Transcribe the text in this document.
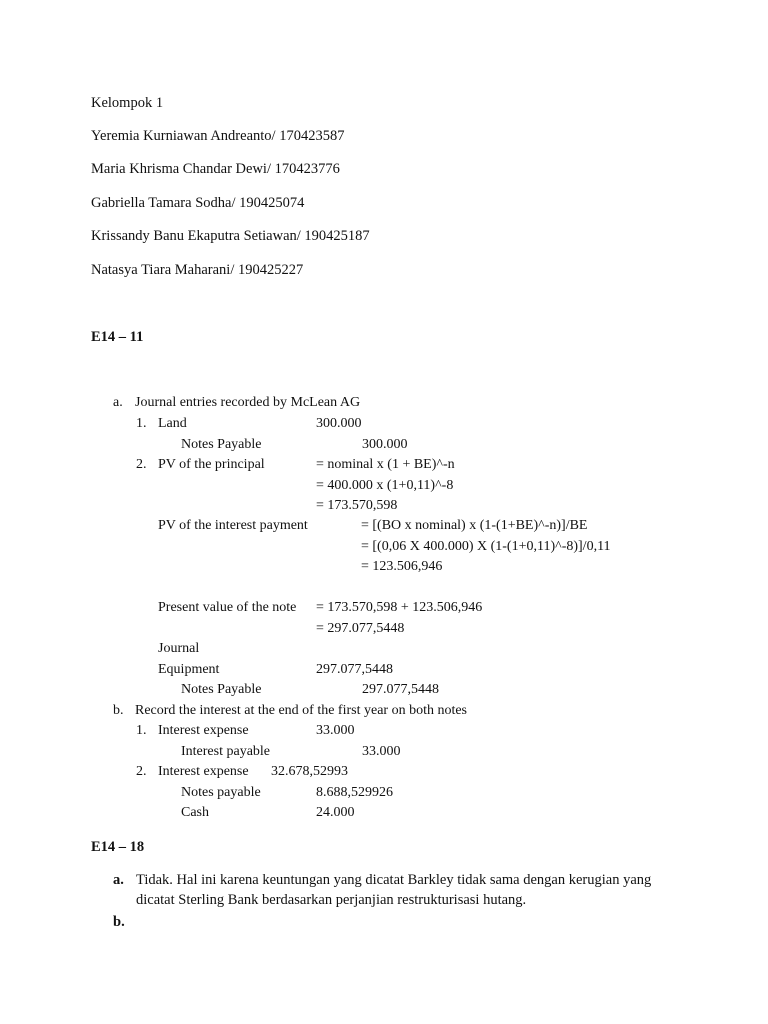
Kelompok 1
Yeremia Kurniawan Andreanto/ 170423587
Maria Khrisma Chandar Dewi/ 170423776
Gabriella Tamara Sodha/ 190425074
Krissandy Banu Ekaputra Setiawan/ 190425187
Natasya Tiara Maharani/ 190425227
E14 – 11
a. Journal entries recorded by McLean AG
1. Land	300.000
Notes Payable	300.000
2. PV of the principal	= nominal x (1 + BE)^-n
= 400.000 x (1+0,11)^-8
= 173.570,598
PV of the interest payment	= [(BO x nominal) x (1-(1+BE)^-n)]/BE
= [(0,06 X 400.000) X (1-(1+0,11)^-8)]/0,11
= 123.506,946
Present value of the note = 173.570,598 + 123.506,946
= 297.077,5448
Journal
Equipment	297.077,5448
Notes Payable	297.077,5448
b. Record the interest at the end of the first year on both notes
1. Interest expense	33.000
Interest payable	33.000
2. Interest expense 32.678,52993
Notes payable	8.688,529926
Cash	24.000
E14 – 18
a. Tidak. Hal ini karena keuntungan yang dicatat Barkley tidak sama dengan kerugian yang
dicatat Sterling Bank berdasarkan perjanjian restrukturisasi hutang.
b.
